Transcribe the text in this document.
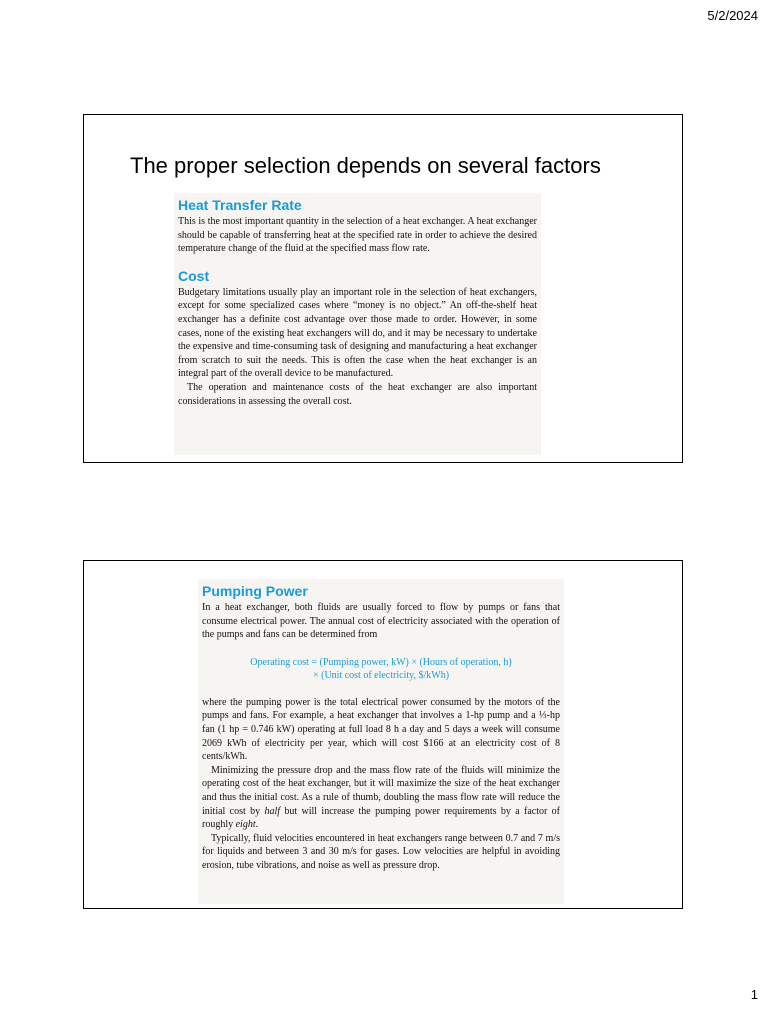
5/2/2024
The proper selection depends on several factors
Heat Transfer Rate

This is the most important quantity in the selection of a heat exchanger. A heat exchanger should be capable of transferring heat at the specified rate in order to achieve the desired temperature change of the fluid at the specified mass flow rate.

Cost

Budgetary limitations usually play an important role in the selection of heat exchangers, except for some specialized cases where “money is no object.” An off-the-shelf heat exchanger has a definite cost advantage over those made to order. However, in some cases, none of the existing heat exchangers will do, and it may be necessary to undertake the expensive and time-consuming task of designing and manufacturing a heat exchanger from scratch to suit the needs. This is often the case when the heat exchanger is an integral part of the overall device to be manufactured.

The operation and maintenance costs of the heat exchanger are also important considerations in assessing the overall cost.

Pumping Power

In a heat exchanger, both fluids are usually forced to flow by pumps or fans that consume electrical power. The annual cost of electricity associated with the operation of the pumps and fans can be determined from

Operating cost = (Pumping power, kW) × (Hours of operation, h)
× (Unit cost of electricity, $/kWh)

where the pumping power is the total electrical power consumed by the motors of the pumps and fans. For example, a heat exchanger that involves a 1-hp pump and a ⅓-hp fan (1 hp = 0.746 kW) operating at full load 8 h a day and 5 days a week will consume 2069 kWh of electricity per year, which will cost $166 at an electricity cost of 8 cents/kWh.

Minimizing the pressure drop and the mass flow rate of the fluids will minimize the operating cost of the heat exchanger, but it will maximize the size of the heat exchanger and thus the initial cost. As a rule of thumb, doubling the mass flow rate will reduce the initial cost by half but will increase the pumping power requirements by a factor of roughly eight.

Typically, fluid velocities encountered in heat exchangers range between 0.7 and 7 m/s for liquids and between 3 and 30 m/s for gases. Low velocities are helpful in avoiding erosion, tube vibrations, and noise as well as pressure drop.

1
